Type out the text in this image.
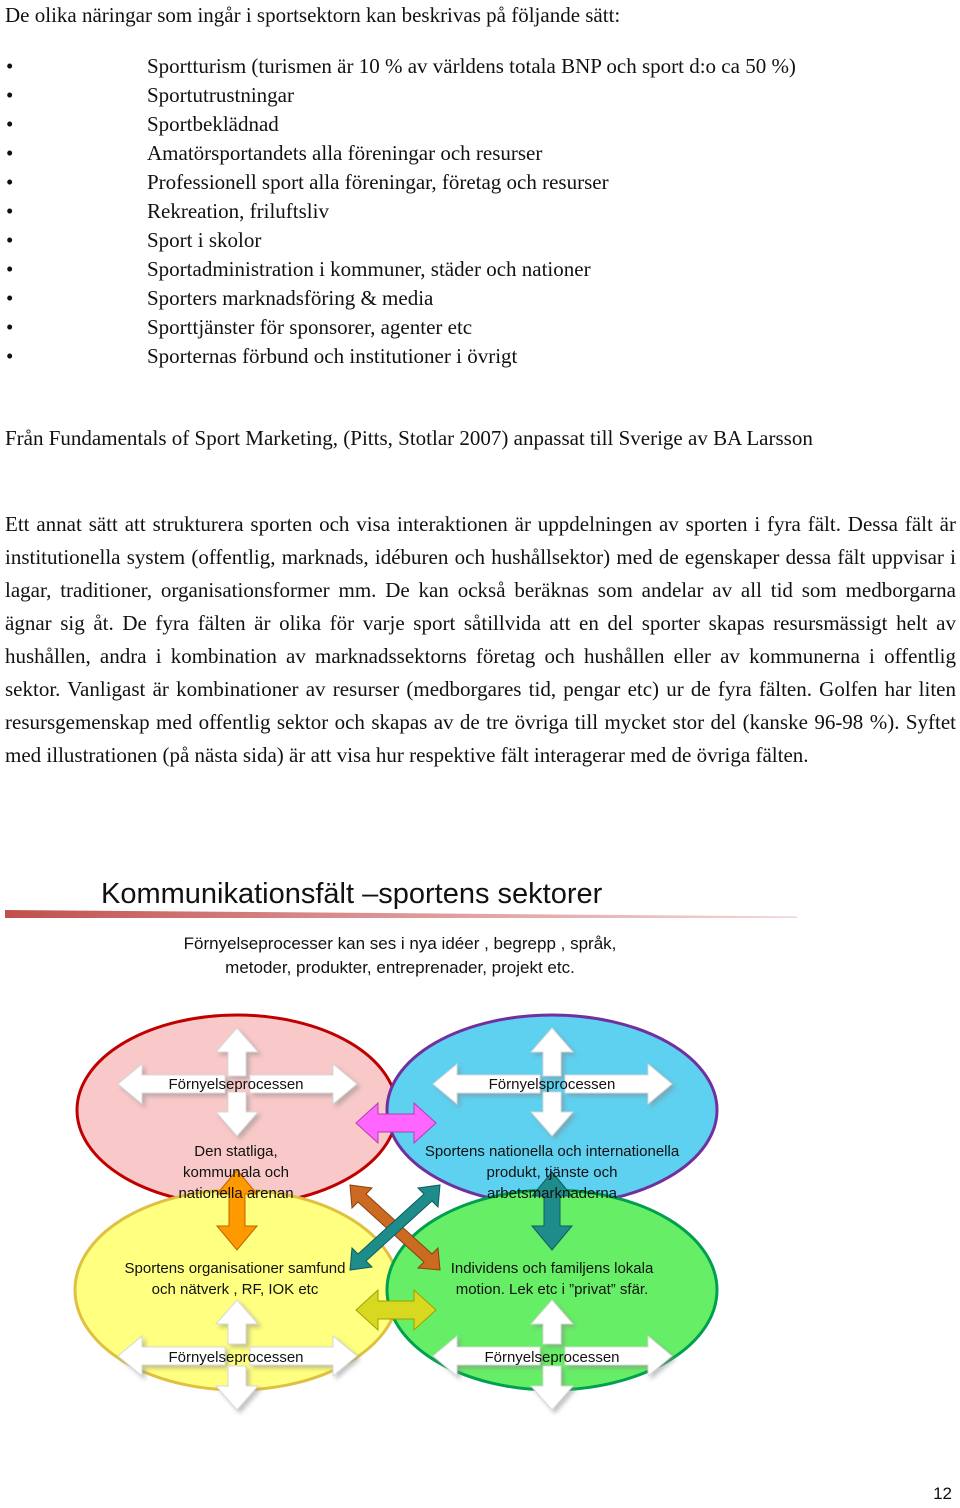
De olika näringar som ingår i sportsektorn kan beskrivas på följande sätt:
•	Sportturism (turismen är 10 % av världens totala BNP och sport d:o ca 50 %)
•	Sportutrustningar
•	Sportbeklädnad
•	Amatörsportandets alla föreningar och resurser
•	Professionell sport alla föreningar, företag och resurser
•	Rekreation, friluftsliv
•	Sport i skolor
•	Sportadministration i kommuner, städer och nationer
•	Sporters marknadsföring & media
•	Sporttjänster för sponsorer, agenter etc
•	Sporternas förbund och institutioner i övrigt

Från Fundamentals of Sport Marketing, (Pitts, Stotlar 2007) anpassat till Sverige av BA Larsson

Ett annat sätt att strukturera sporten och visa interaktionen är uppdelningen av sporten i fyra fält. Dessa fält är institutionella system (offentlig, marknads, idéburen och hushållsektor) med de egenskaper dessa fält uppvisar i lagar, traditioner, organisationsformer mm. De kan också beräknas som andelar av all tid som medborgarna ägnar sig åt. De fyra fälten är olika för varje sport såtillvida att en del sporter skapas resursmässigt helt av hushållen, andra i kombination av marknadssektorns företag och hushållen eller av kommunerna i offentlig sektor. Vanligast är kombinationer av resurser (medborgares tid, pengar etc) ur de fyra fälten. Golfen har liten resursgemenskap med offentlig sektor och skapas av de tre övriga till mycket stor del (kanske 96-98 %). Syftet med illustrationen (på nästa sida) är att visa hur respektive fält interagerar med de övriga fälten.

Kommunikationsfält –sportens sektorer
Förnyelseprocesser kan ses i nya idéer , begrepp , språk,
metoder, produkter, entreprenader, projekt etc.
Förnyelseprocessen
Den statliga,
kommunala och
nationella arenan
Förnyelsprocessen
Sportens nationella och internationella
produkt, tjänste och
arbetsmarknaderna
Sportens organisationer samfund
och nätverk , RF, IOK etc
Förnyelseprocessen
Individens och familjens lokala
motion. Lek etc i ”privat” sfär.
Förnyelseprocessen
12
